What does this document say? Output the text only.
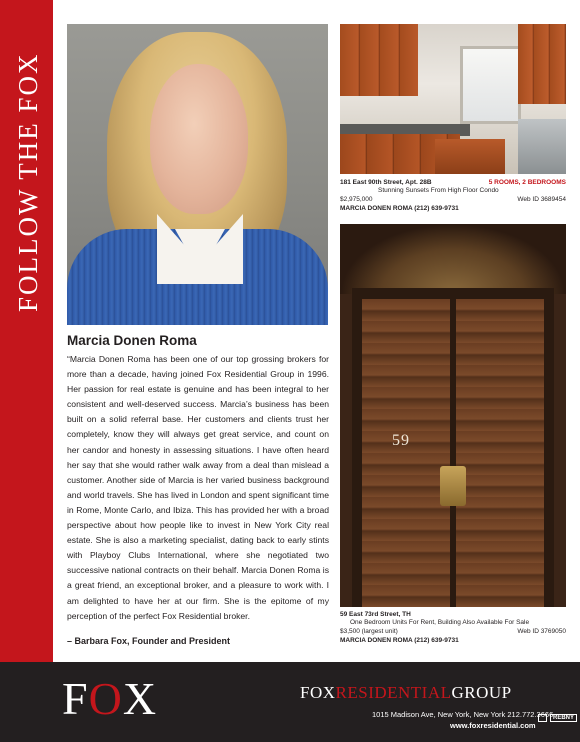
FOLLOW THE FOX	181 East 90th Street, Apt. 28B	5 ROOMS, 2 BEDROOMS
Stunning Sunsets From High Floor Condo
$2,975,000	Web ID 3689454
MARCIA DONEN ROMA (212) 639-9731
59
59 East 73rd Street, TH
One Bedroom Units For Rent, Building Also Available For Sale
$3,500 (largest unit)	Web ID 3769050
MARCIA DONEN ROMA (212) 639-9731
Marcia Donen Roma

“Marcia Donen Roma has been one of our top grossing brokers for more than a decade, having joined Fox Residential Group in 1996. Her passion for real estate is genuine and has been integral to her consistent and well-deserved success. Marcia’s business has been built on a solid referral base. Her customers and clients trust her completely, know they will always get great service, and count on her candor and honesty in assessing situations. I have often heard her say that she would rather walk away from a deal than mislead a customer. Another side of Marcia is her varied business background and world travels. She has lived in London and spent significant time in Rome, Monte Carlo, and Ibiza. This has provided her with a broad perspective about how people like to invest in New York City real estate. She is also a marketing specialist, dating back to early stints with Playboy Clubs International, where she negotiated two successive national contracts on their behalf. Marcia Donen Roma is a great friend, an exceptional broker, and a pleasure to work with. I am delighted to have her at our firm. She is the epitome of my perception of the perfect Fox Residential broker.

– Barbara Fox, Founder and President
FOX	FOXRESIDENTIALGROUP
1015 Madison Ave, New York, New York 212.772.3666
www.foxresidential.com
REBNY
